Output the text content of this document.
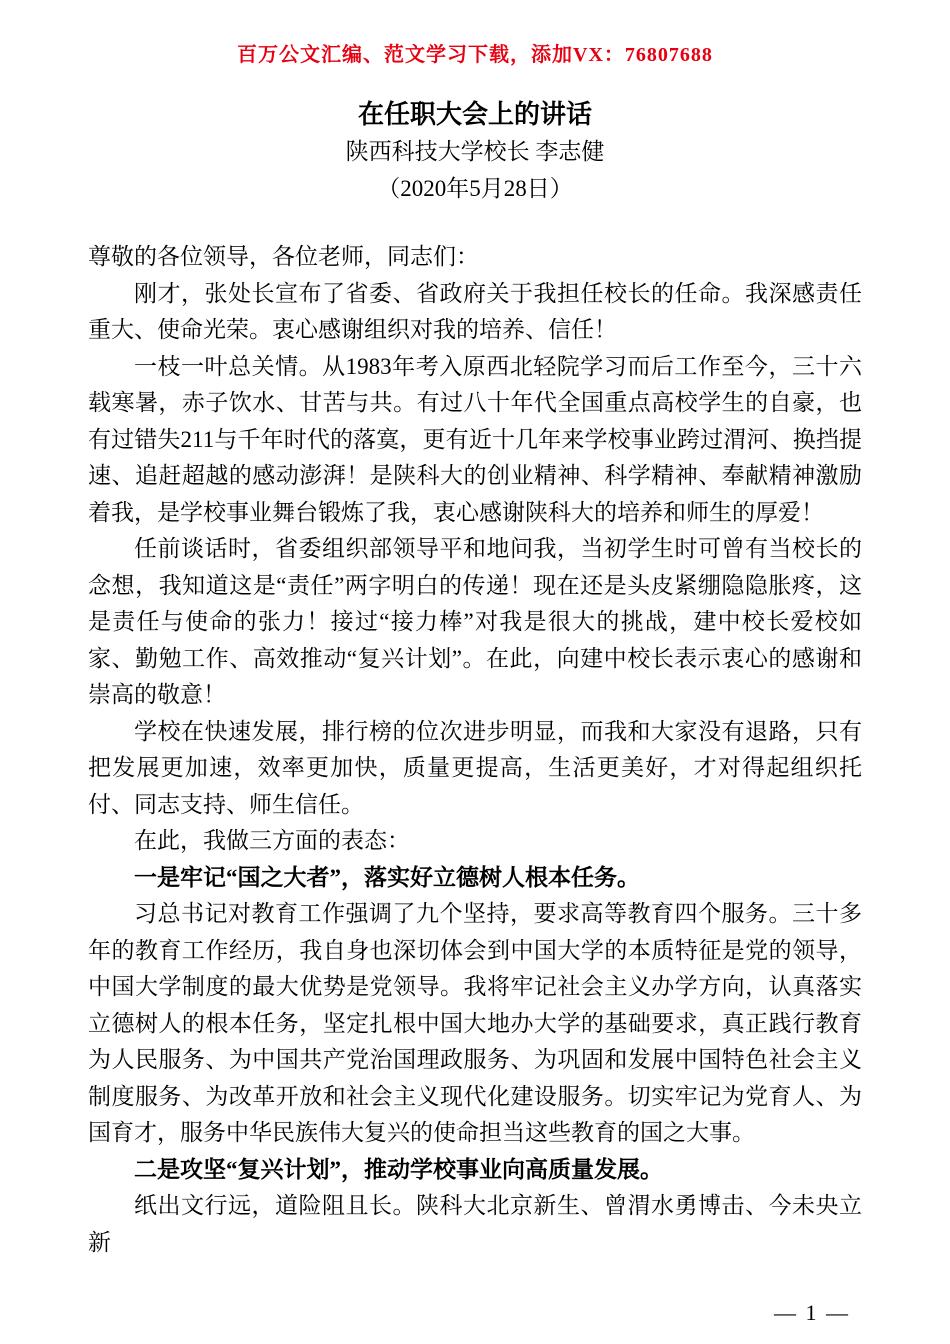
百万公文汇编、范文学习下载，添加VX：76807688
在任职大会上的讲话
陕西科技大学校长 李志健
（2020年5月28日）

尊敬的各位领导，各位老师，同志们：

刚才，张处长宣布了省委、省政府关于我担任校长的任命。我深感责任重大、使命光荣。衷心感谢组织对我的培养、信任！

一枝一叶总关情。从1983年考入原西北轻院学习而后工作至今，三十六载寒暑，赤子饮水、甘苦与共。有过八十年代全国重点高校学生的自豪，也有过错失211与千年时代的落寞，更有近十几年来学校事业跨过渭河、换挡提速、追赶超越的感动澎湃！是陕科大的创业精神、科学精神、奉献精神激励着我，是学校事业舞台锻炼了我，衷心感谢陕科大的培养和师生的厚爱！

任前谈话时，省委组织部领导平和地问我，当初学生时可曾有当校长的念想，我知道这是“责任”两字明白的传递！现在还是头皮紧绷隐隐胀疼，这是责任与使命的张力！接过“接力棒”对我是很大的挑战，建中校长爱校如家、勤勉工作、高效推动“复兴计划”。在此，向建中校长表示衷心的感谢和崇高的敬意！

学校在快速发展，排行榜的位次进步明显，而我和大家没有退路，只有把发展更加速，效率更加快，质量更提高，生活更美好，才对得起组织托付、同志支持、师生信任。

在此，我做三方面的表态：

一是牢记“国之大者”，落实好立德树人根本任务。

习总书记对教育工作强调了九个坚持，要求高等教育四个服务。三十多年的教育工作经历，我自身也深切体会到中国大学的本质特征是党的领导，中国大学制度的最大优势是党领导。我将牢记社会主义办学方向，认真落实立德树人的根本任务，坚定扎根中国大地办大学的基础要求，真正践行教育为人民服务、为中国共产党治国理政服务、为巩固和发展中国特色社会主义制度服务、为改革开放和社会主义现代化建设服务。切实牢记为党育人、为国育才，服务中华民族伟大复兴的使命担当这些教育的国之大事。

二是攻坚“复兴计划”，推动学校事业向高质量发展。

纸出文行远，道险阻且长。陕科大北京新生、曾渭水勇博击、今未央立新

— 1 —
